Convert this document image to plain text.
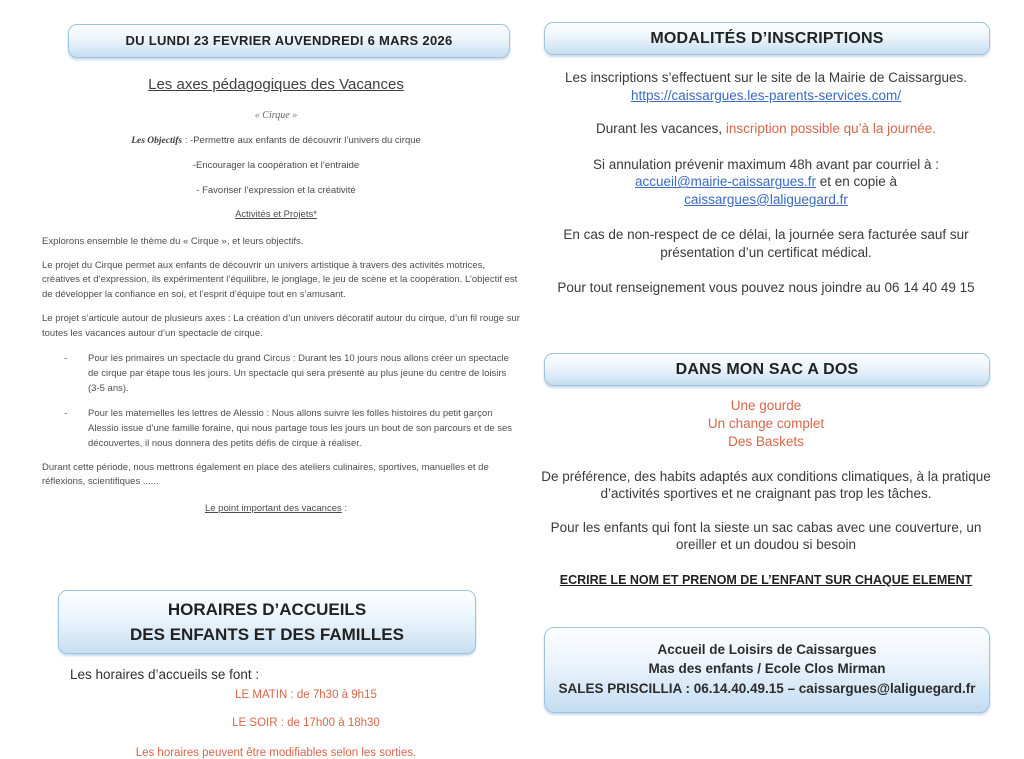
DU LUNDI 23 FEVRIER AUVENDREDI 6 MARS 2026
Les axes pédagogiques des Vacances
« Cirque »
Les Objectifs : -Permettre aux enfants de découvrir l’univers du cirque
-Encourager la coopération et l’entraide
- Favoriser l’expression et la créativité
Activités et Projets*
Explorons ensemble le thème du « Cirque », et leurs objectifs.
Le projet du Cirque permet aux enfants de découvrir un univers artistique à travers des activités motrices, créatives et d’expression, ils expérimentent l’équilibre, le jonglage, le jeu de scène et la coopération. L’objectif est de développer la confiance en soi, et l’esprit d’équipe tout en s’amusant.
Le projet s’articule autour de plusieurs axes : La création d’un univers décoratif autour du cirque, d’un fil rouge sur toutes les vacances autour d’un spectacle de cirque.
-	Pour les primaires un spectacle du grand Circus : Durant les 10 jours nous allons créer un spectacle de cirque par étape tous les jours. Un spectacle qui sera présenté au plus jeune du centre de loisirs (3-5 ans).
-	Pour les maternelles les lettres de Alessio : Nous allons suivre les folles histoires du petit garçon Alessio issue d’une famille foraine, qui nous partage tous les jours un bout de son parcours et de ses découvertes, il nous donnera des petits défis de cirque à réaliser.
Durant cette période, nous mettrons également en place des ateliers culinaires, sportives, manuelles et de réflexions, scientifiques ......
Le point important des vacances :
HORAIRES D’ACCUEILS
DES ENFANTS ET DES FAMILLES
Les horaires d’accueils se font :
LE MATIN : de 7h30 à 9h15
LE SOIR : de 17h00 à 18h30
Les horaires peuvent être modifiables selon les sorties.
MODALITÉS D’INSCRIPTIONS
Les inscriptions s’effectuent sur le site de la Mairie de Caissargues.
https://caissargues.les-parents-services.com/
Durant les vacances, inscription possible qu’à la journée.
Si annulation prévenir maximum 48h avant par courriel à :
accueil@mairie-caissargues.fr et en copie à
caissargues@laliguegard.fr
En cas de non-respect de ce délai, la journée sera facturée sauf sur présentation d’un certificat médical.
Pour tout renseignement vous pouvez nous joindre au 06 14 40 49 15
DANS MON SAC A DOS
Une gourde
Un change complet
Des Baskets
De préférence, des habits adaptés aux conditions climatiques, à la pratique d’activités sportives et ne craignant pas trop les tâches.
Pour les enfants qui font la sieste un sac cabas avec une couverture, un oreiller et un doudou si besoin
ECRIRE LE NOM ET PRENOM DE L’ENFANT SUR CHAQUE ELEMENT
Accueil de Loisirs de Caissargues
Mas des enfants / Ecole Clos Mirman
SALES PRISCILLIA : 06.14.40.49.15 – caissargues@laliguegard.fr
